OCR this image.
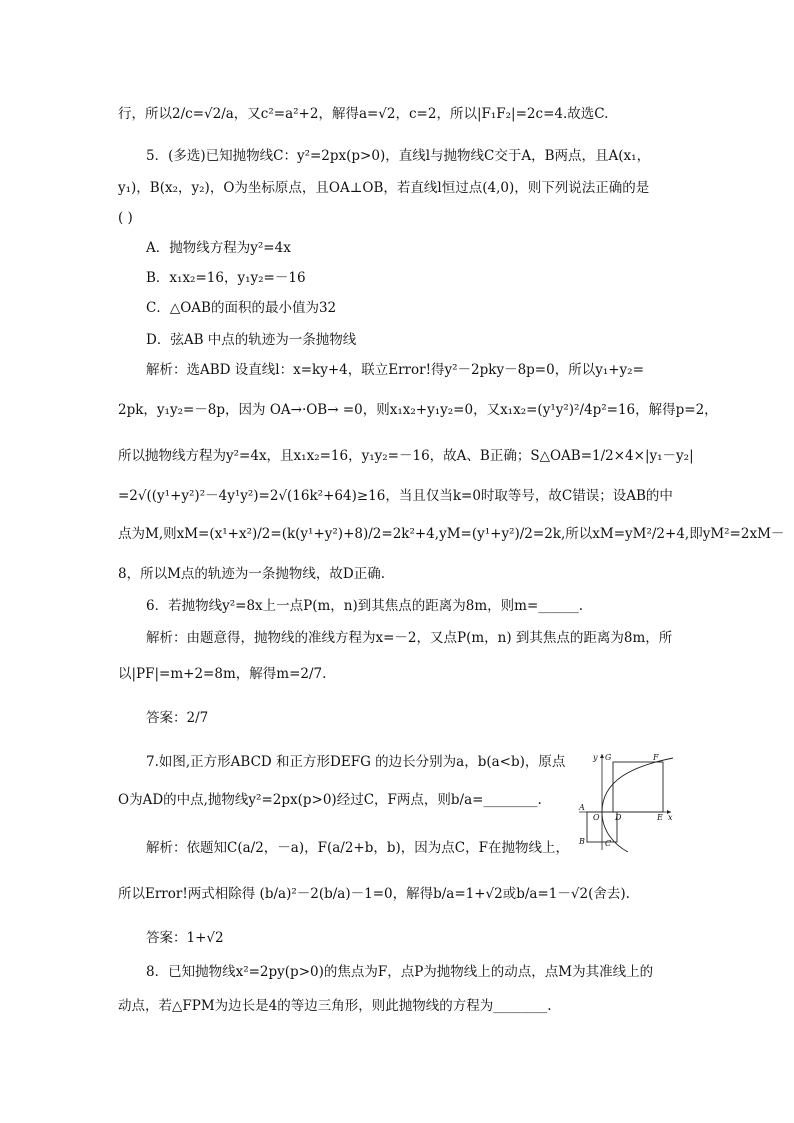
行，所以2/c=√2/a，又c²=a²+2，解得a=√2，c=2，所以|F₁F₂|=2c=4.故选C.
5．(多选)已知抛物线C：y²=2px(p>0)，直线l与抛物线C交于A，B两点，且A(x₁，
y₁)，B(x₂，y₂)，O为坐标原点，且OA⊥OB，若直线l恒过点(4,0)，则下列说法正确的是
( )
A．抛物线方程为y²=4x
B．x₁x₂=16，y₁y₂=－16
C．△OAB的面积的最小值为32
D．弦AB 中点的轨迹为一条抛物线
解析：选ABD 设直线l：x=ky+4，联立Error!得y²－2pky－8p=0，所以y₁+y₂=
2pk，y₁y₂=－8p，因为 OA→·OB→ =0，则x₁x₂+y₁y₂=0，又x₁x₂=(y¹y²)²/4p²=16，解得p=2，
所以抛物线方程为y²=4x，且x₁x₂=16，y₁y₂=－16，故A、B正确；S△OAB=1/2×4×|y₁－y₂|
=2√((y¹+y²)²－4y¹y²)=2√(16k²+64)≥16，当且仅当k=0时取等号，故C错误；设AB的中
点为M,则xM=(x¹+x²)/2=(k(y¹+y²)+8)/2=2k²+4,yM=(y¹+y²)/2=2k,所以xM=yM²/2+4,即yM²=2xM－
8，所以M点的轨迹为一条抛物线，故D正确.
6．若抛物线y²=8x上一点P(m，n)到其焦点的距离为8m，则m=______.
解析：由题意得，抛物线的准线方程为x=－2，又点P(m，n) 到其焦点的距离为8m，所
以|PF|=m+2=8m，解得m=2/7.
答案：2/7
7.如图,正方形ABCD 和正方形DEFG 的边长分别为a，b(a<b)，原点
O为AD的中点,抛物线y²=2px(p>0)经过C，F两点，则b/a=________.
解析：依题知C(a/2，－a)，F(a/2+b，b)，因为点C，F在抛物线上，
所以Error!两式相除得 (b/a)²－2(b/a)－1=0，解得b/a=1+√2或b/a=1－√2(舍去).
答案：1+√2
8．已知抛物线x²=2py(p>0)的焦点为F，点P为抛物线上的动点，点M为其准线上的
动点，若△FPM为边长是4的等边三角形，则此抛物线的方程为________.
y G	F
A
O D	E x
B	C
